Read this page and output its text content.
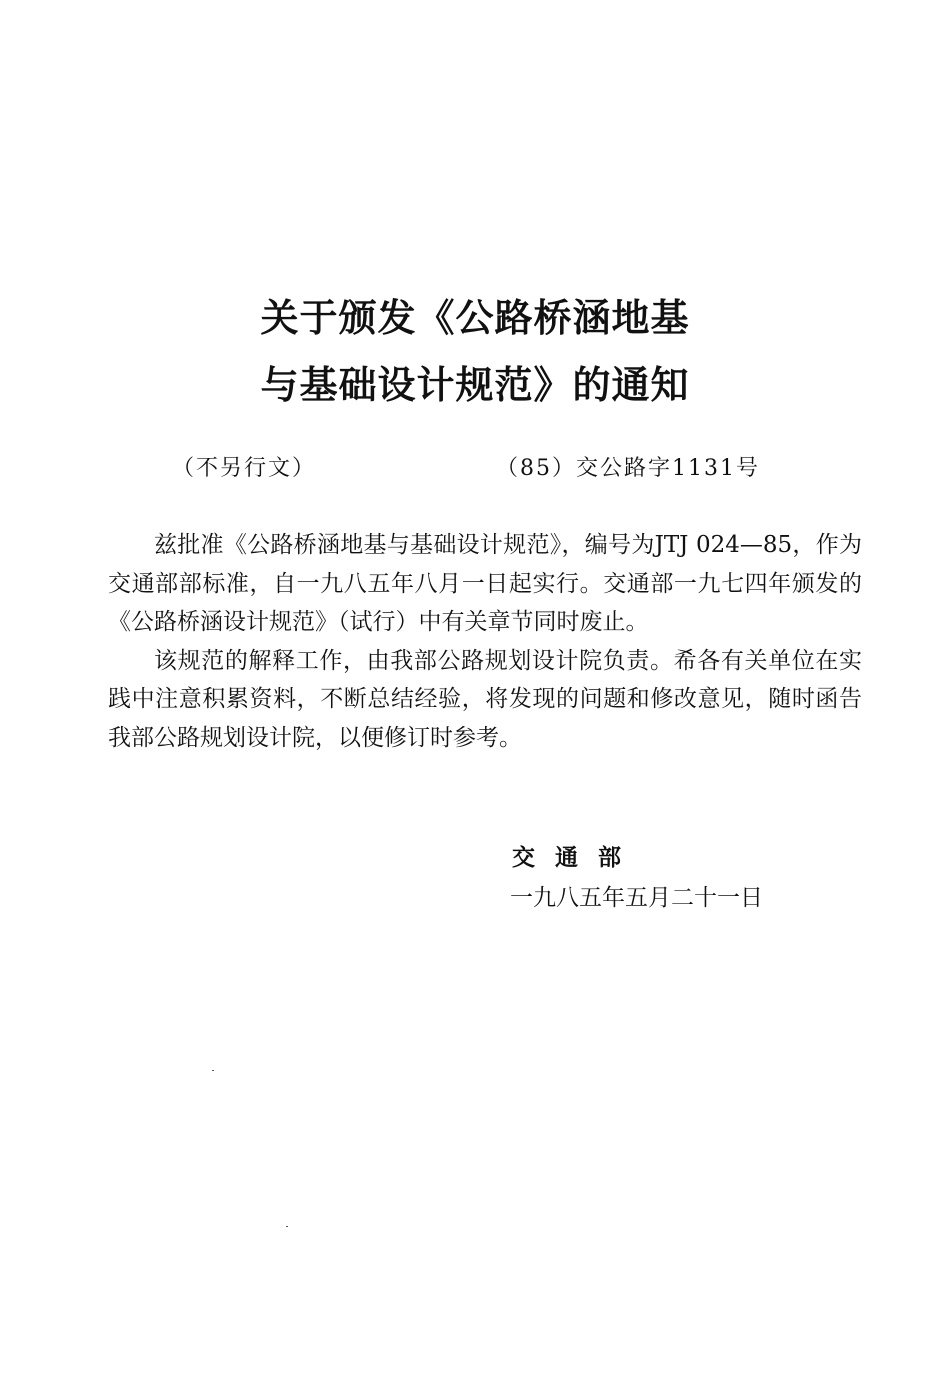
关于颁发《公路桥涵地基
与基础设计规范》的通知
（不另行文）	（85）交公路字1131号

兹批准《公路桥涵地基与基础设计规范》，编号为JTJ 024—85，作为交通部部标准，自一九八五年八月一日起实行。交通部一九七四年颁发的《公路桥涵设计规范》（试行）中有关章节同时废止。

该规范的解释工作，由我部公路规划设计院负责。希各有关单位在实践中注意积累资料，不断总结经验，将发现的问题和修改意见，随时函告我部公路规划设计院，以便修订时参考。

交通部
一九八五年五月二十一日
